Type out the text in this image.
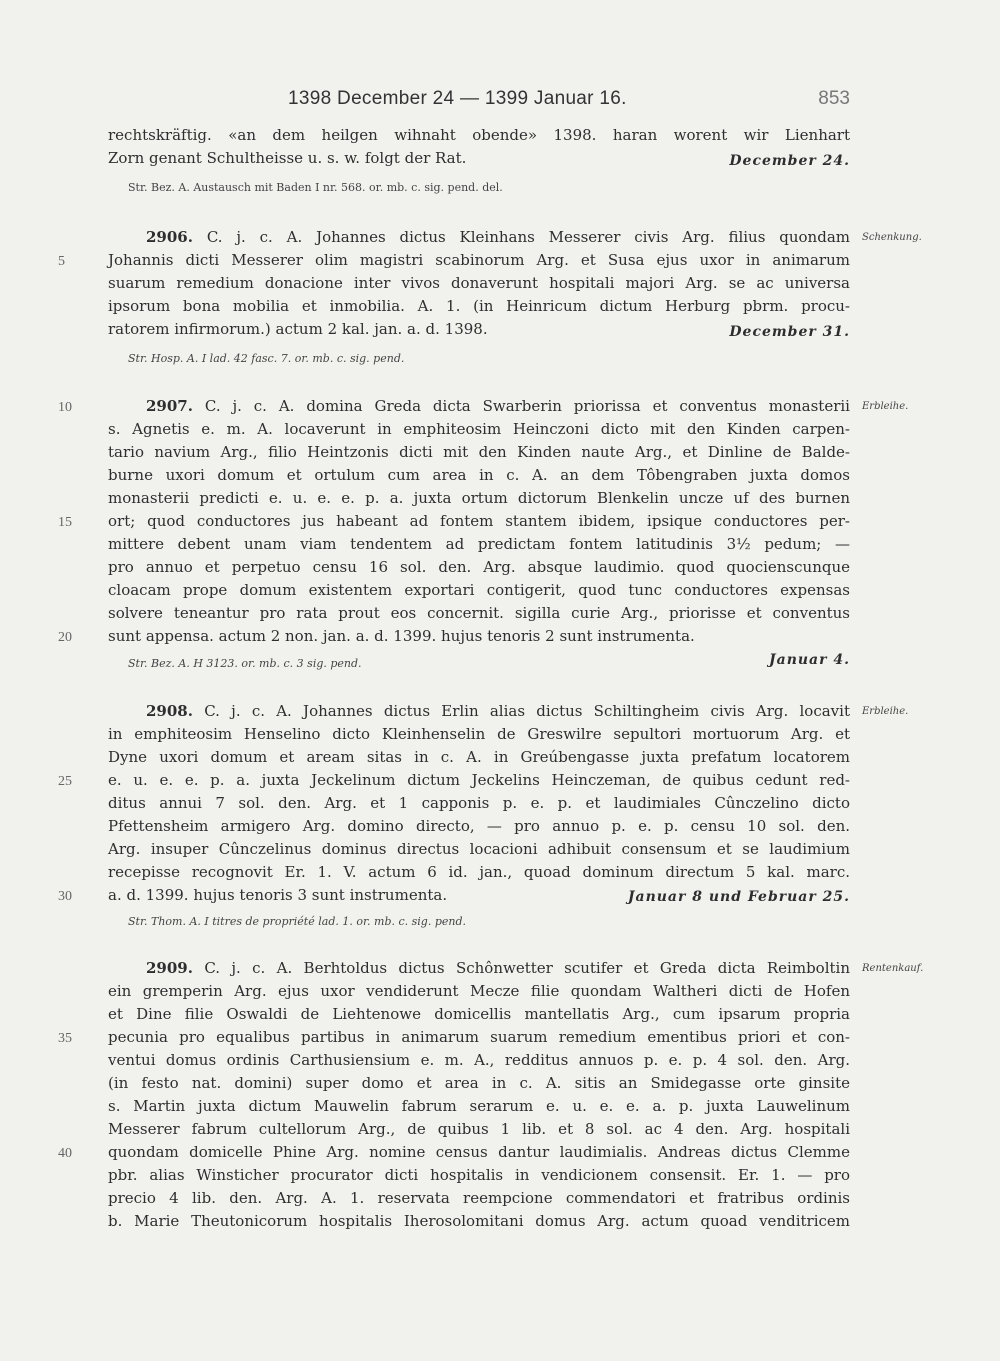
1398 December 24 — 1399 Januar 16.	853
rechtskräftig. «an dem heilgen wihnaht obende» 1398. haran worent wir Lienhart
Zorn genant Schultheisse u. s. w. folgt der Rat.	December 24.
Str. Bez. A. Austausch mit Baden I nr. 568. or. mb. c. sig. pend. del.
2906. C. j. c. A. Johannes dictus Kleinhans Messerer civis Arg. filius quondam Schenkung.
5	Johannis dicti Messerer olim magistri scabinorum Arg. et Susa ejus uxor in animarum
suarum remedium donacione inter vivos donaverunt hospitali majori Arg. se ac universa
ipsorum bona mobilia et inmobilia. A. 1. (in Heinricum dictum Herburg pbrm. procu-
ratorem infirmorum.) actum 2 kal. jan. a. d. 1398.	December 31.
Str. Hosp. A. I lad. 42 fasc. 7. or. mb. c. sig. pend.
10	2907. C. j. c. A. domina Greda dicta Swarberin priorissa et conventus monasterii Erbleihe.
s. Agnetis e. m. A. locaverunt in emphiteosim Heinczoni dicto mit den Kinden carpen-
tario navium Arg., filio Heintzonis dicti mit den Kinden naute Arg., et Dinline de Balde-
burne uxori domum et ortulum cum area in c. A. an dem Tôbengraben juxta domos
monasterii predicti e. u. e. e. p. a. juxta ortum dictorum Blenkelin uncze uf des burnen
15	ort; quod conductores jus habeant ad fontem stantem ibidem, ipsique conductores per-
mittere debent unam viam tendentem ad predictam fontem latitudinis 3½ pedum; —
pro annuo et perpetuo censu 16 sol. den. Arg. absque laudimio. quod quocienscunque
cloacam prope domum existentem exportari contigerit, quod tunc conductores expensas
solvere teneantur pro rata prout eos concernit. sigilla curie Arg., priorisse et conventus
20	sunt appensa. actum 2 non. jan. a. d. 1399. hujus tenoris 2 sunt instrumenta.
Str. Bez. A. H 3123. or. mb. c. 3 sig. pend.	Januar 4.
2908. C. j. c. A. Johannes dictus Erlin alias dictus Schiltingheim civis Arg. locavit Erbleihe.
in emphiteosim Henselino dicto Kleinhenselin de Greswilre sepultori mortuorum Arg. et
Dyne uxori domum et aream sitas in c. A. in Greúbengasse juxta prefatum locatorem
25	e. u. e. e. p. a. juxta Jeckelinum dictum Jeckelins Heinczeman, de quibus cedunt red-
ditus annui 7 sol. den. Arg. et 1 capponis p. e. p. et laudimiales Cûnczelino dicto
Pfettensheim armigero Arg. domino directo, — pro annuo p. e. p. censu 10 sol. den.
Arg. insuper Cûnczelinus dominus directus locacioni adhibuit consensum et se laudimium
recepisse recognovit Er. 1. V. actum 6 id. jan., quoad dominum directum 5 kal. marc.
30	a. d. 1399. hujus tenoris 3 sunt instrumenta.	Januar 8 und Februar 25.
Str. Thom. A. I titres de propriété lad. 1. or. mb. c. sig. pend.
2909. C. j. c. A. Berhtoldus dictus Schônwetter scutifer et Greda dicta Reimboltin Rentenkauf.
ein gremperin Arg. ejus uxor vendiderunt Mecze filie quondam Waltheri dicti de Hofen
et Dine filie Oswaldi de Liehtenowe domicellis mantellatis Arg., cum ipsarum propria
35	pecunia pro equalibus partibus in animarum suarum remedium ementibus priori et con-
ventui domus ordinis Carthusiensium e. m. A., redditus annuos p. e. p. 4 sol. den. Arg.
(in festo nat. domini) super domo et area in c. A. sitis an Smidegasse orte ginsite
s. Martin juxta dictum Mauwelin fabrum serarum e. u. e. e. a. p. juxta Lauwelinum
Messerer fabrum cultellorum Arg., de quibus 1 lib. et 8 sol. ac 4 den. Arg. hospitali
40	quondam domicelle Phine Arg. nomine census dantur laudimialis. Andreas dictus Clemme
pbr. alias Winsticher procurator dicti hospitalis in vendicionem consensit. Er. 1. — pro
precio 4 lib. den. Arg. A. 1. reservata reempcione commendatori et fratribus ordinis
b. Marie Theutonicorum hospitalis Iherosolomitani domus Arg. actum quoad venditricem
